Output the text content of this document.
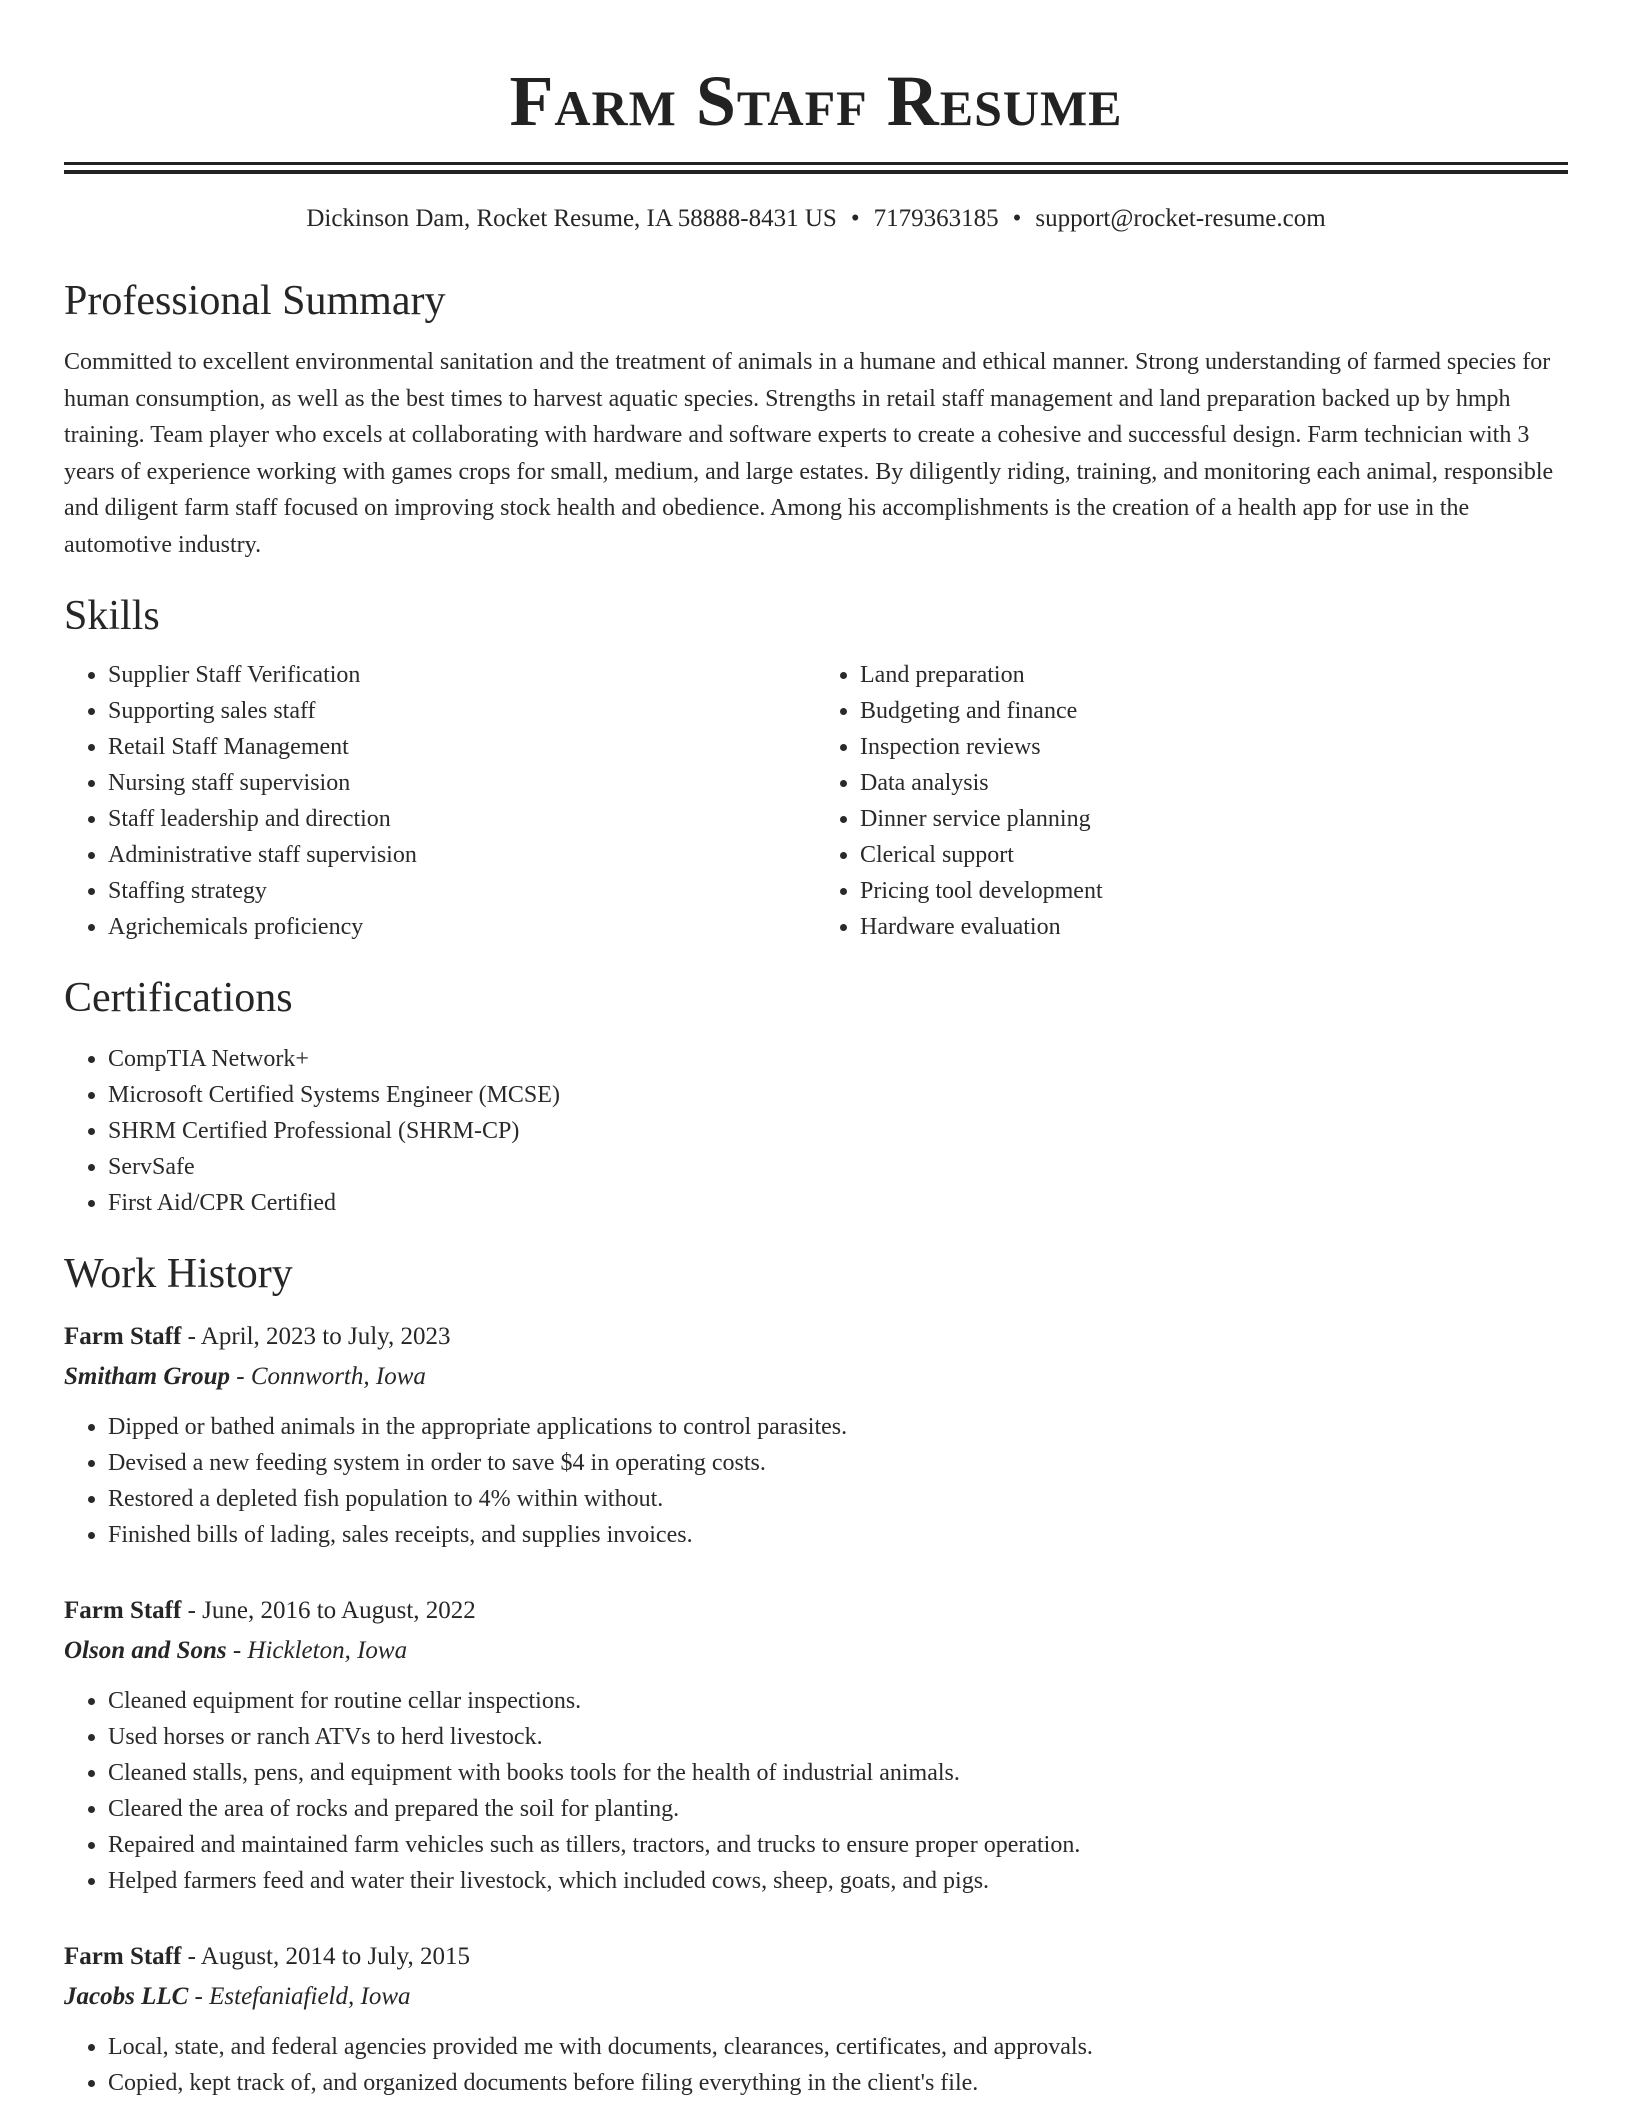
Farm Staff Resume
Dickinson Dam, Rocket Resume, IA 58888-8431 US • 7179363185 • support@rocket-resume.com
Professional Summary

Committed to excellent environmental sanitation and the treatment of animals in a humane and ethical manner. Strong understanding of farmed species for human consumption, as well as the best times to harvest aquatic species. Strengths in retail staff management and land preparation backed up by hmph training. Team player who excels at collaborating with hardware and software experts to create a cohesive and successful design. Farm technician with 3 years of experience working with games crops for small, medium, and large estates. By diligently riding, training, and monitoring each animal, responsible and diligent farm staff focused on improving stock health and obedience. Among his accomplishments is the creation of a health app for use in the automotive industry.

Skills
• Supplier Staff Verification
• Supporting sales staff
• Retail Staff Management
• Nursing staff supervision
• Staff leadership and direction
• Administrative staff supervision
• Staffing strategy
• Agrichemicals proficiency
• Land preparation
• Budgeting and finance
• Inspection reviews
• Data analysis
• Dinner service planning
• Clerical support
• Pricing tool development
• Hardware evaluation
Certifications
• CompTIA Network+
• Microsoft Certified Systems Engineer (MCSE)
• SHRM Certified Professional (SHRM-CP)
• ServSafe
• First Aid/CPR Certified
Work History
Farm Staff - April, 2023 to July, 2023
Smitham Group - Connworth, Iowa
• Dipped or bathed animals in the appropriate applications to control parasites.
• Devised a new feeding system in order to save $4 in operating costs.
• Restored a depleted fish population to 4% within without.
• Finished bills of lading, sales receipts, and supplies invoices.
Farm Staff - June, 2016 to August, 2022
Olson and Sons - Hickleton, Iowa
• Cleaned equipment for routine cellar inspections.
• Used horses or ranch ATVs to herd livestock.
• Cleaned stalls, pens, and equipment with books tools for the health of industrial animals.
• Cleared the area of rocks and prepared the soil for planting.
• Repaired and maintained farm vehicles such as tillers, tractors, and trucks to ensure proper operation.
• Helped farmers feed and water their livestock, which included cows, sheep, goats, and pigs.
Farm Staff - August, 2014 to July, 2015
Jacobs LLC - Estefaniafield, Iowa
• Local, state, and federal agencies provided me with documents, clearances, certificates, and approvals.
• Copied, kept track of, and organized documents before filing everything in the client's file.
